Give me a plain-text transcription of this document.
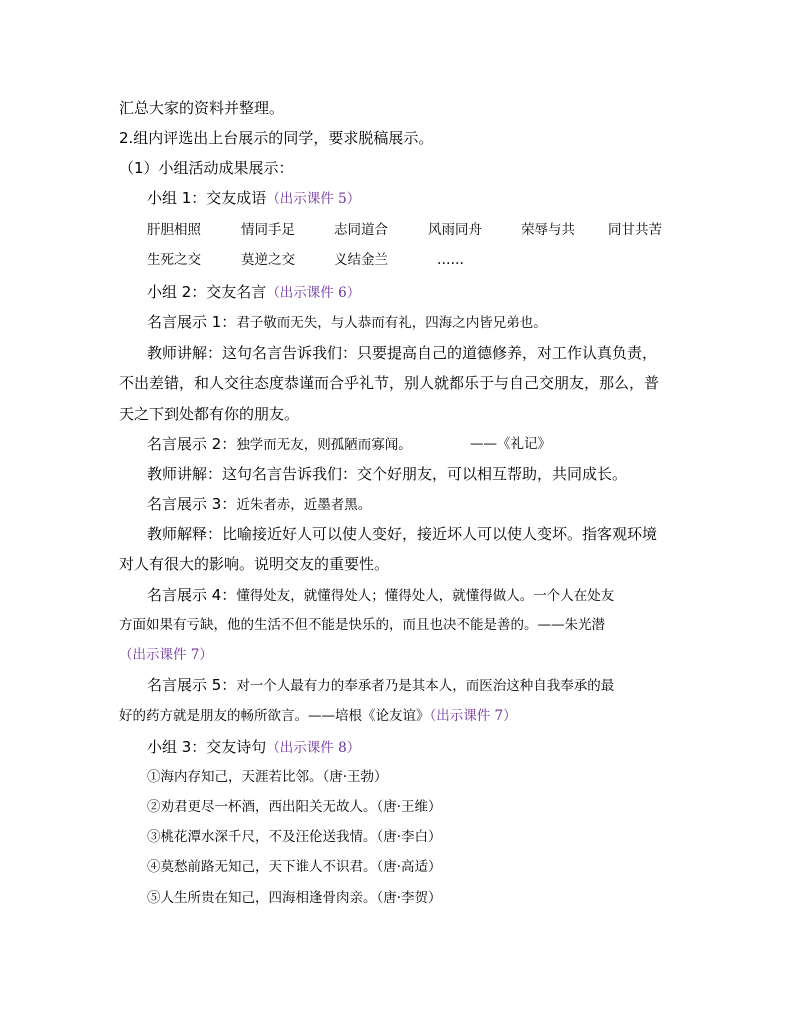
汇总大家的资料并整理。
2.组内评选出上台展示的同学，要求脱稿展示。
（1）小组活动成果展示：
小组 1：交友成语（出示课件 5）
肝胆相照	情同手足	志同道合	风雨同舟	荣辱与共 同甘共苦
生死之交	莫逆之交	义结金兰	……
小组 2：交友名言（出示课件 6）
名言展示 1：君子敬而无失，与人恭而有礼，四海之内皆兄弟也。
教师讲解：这句名言告诉我们：只要提高自己的道德修养，对工作认真负责，
不出差错，和人交往态度恭谨而合乎礼节，别人就都乐于与自己交朋友，那么，普
天之下到处都有你的朋友。
名言展示 2：独学而无友，则孤陋而寡闻。	——《礼记》
教师讲解：这句名言告诉我们：交个好朋友，可以相互帮助，共同成长。
名言展示 3：近朱者赤，近墨者黑。
教师解释：比喻接近好人可以使人变好，接近坏人可以使人变坏。指客观环境
对人有很大的影响。说明交友的重要性。
名言展示 4：懂得处友，就懂得处人；懂得处人，就懂得做人。一个人在处友
方面如果有亏缺，他的生活不但不能是快乐的，而且也决不能是善的。——朱光潜
（出示课件 7）
名言展示 5：对一个人最有力的奉承者乃是其本人，而医治这种自我奉承的最
好的药方就是朋友的畅所欲言。——培根《论友谊》（出示课件 7）
小组 3：交友诗句（出示课件 8）
①海内存知己，天涯若比邻。（唐·王勃）
②劝君更尽一杯酒，西出阳关无故人。（唐·王维）
③桃花潭水深千尺，不及汪伦送我情。（唐·李白）
④莫愁前路无知己，天下谁人不识君。（唐·高适）
⑤人生所贵在知己，四海相逢骨肉亲。（唐·李贺）
